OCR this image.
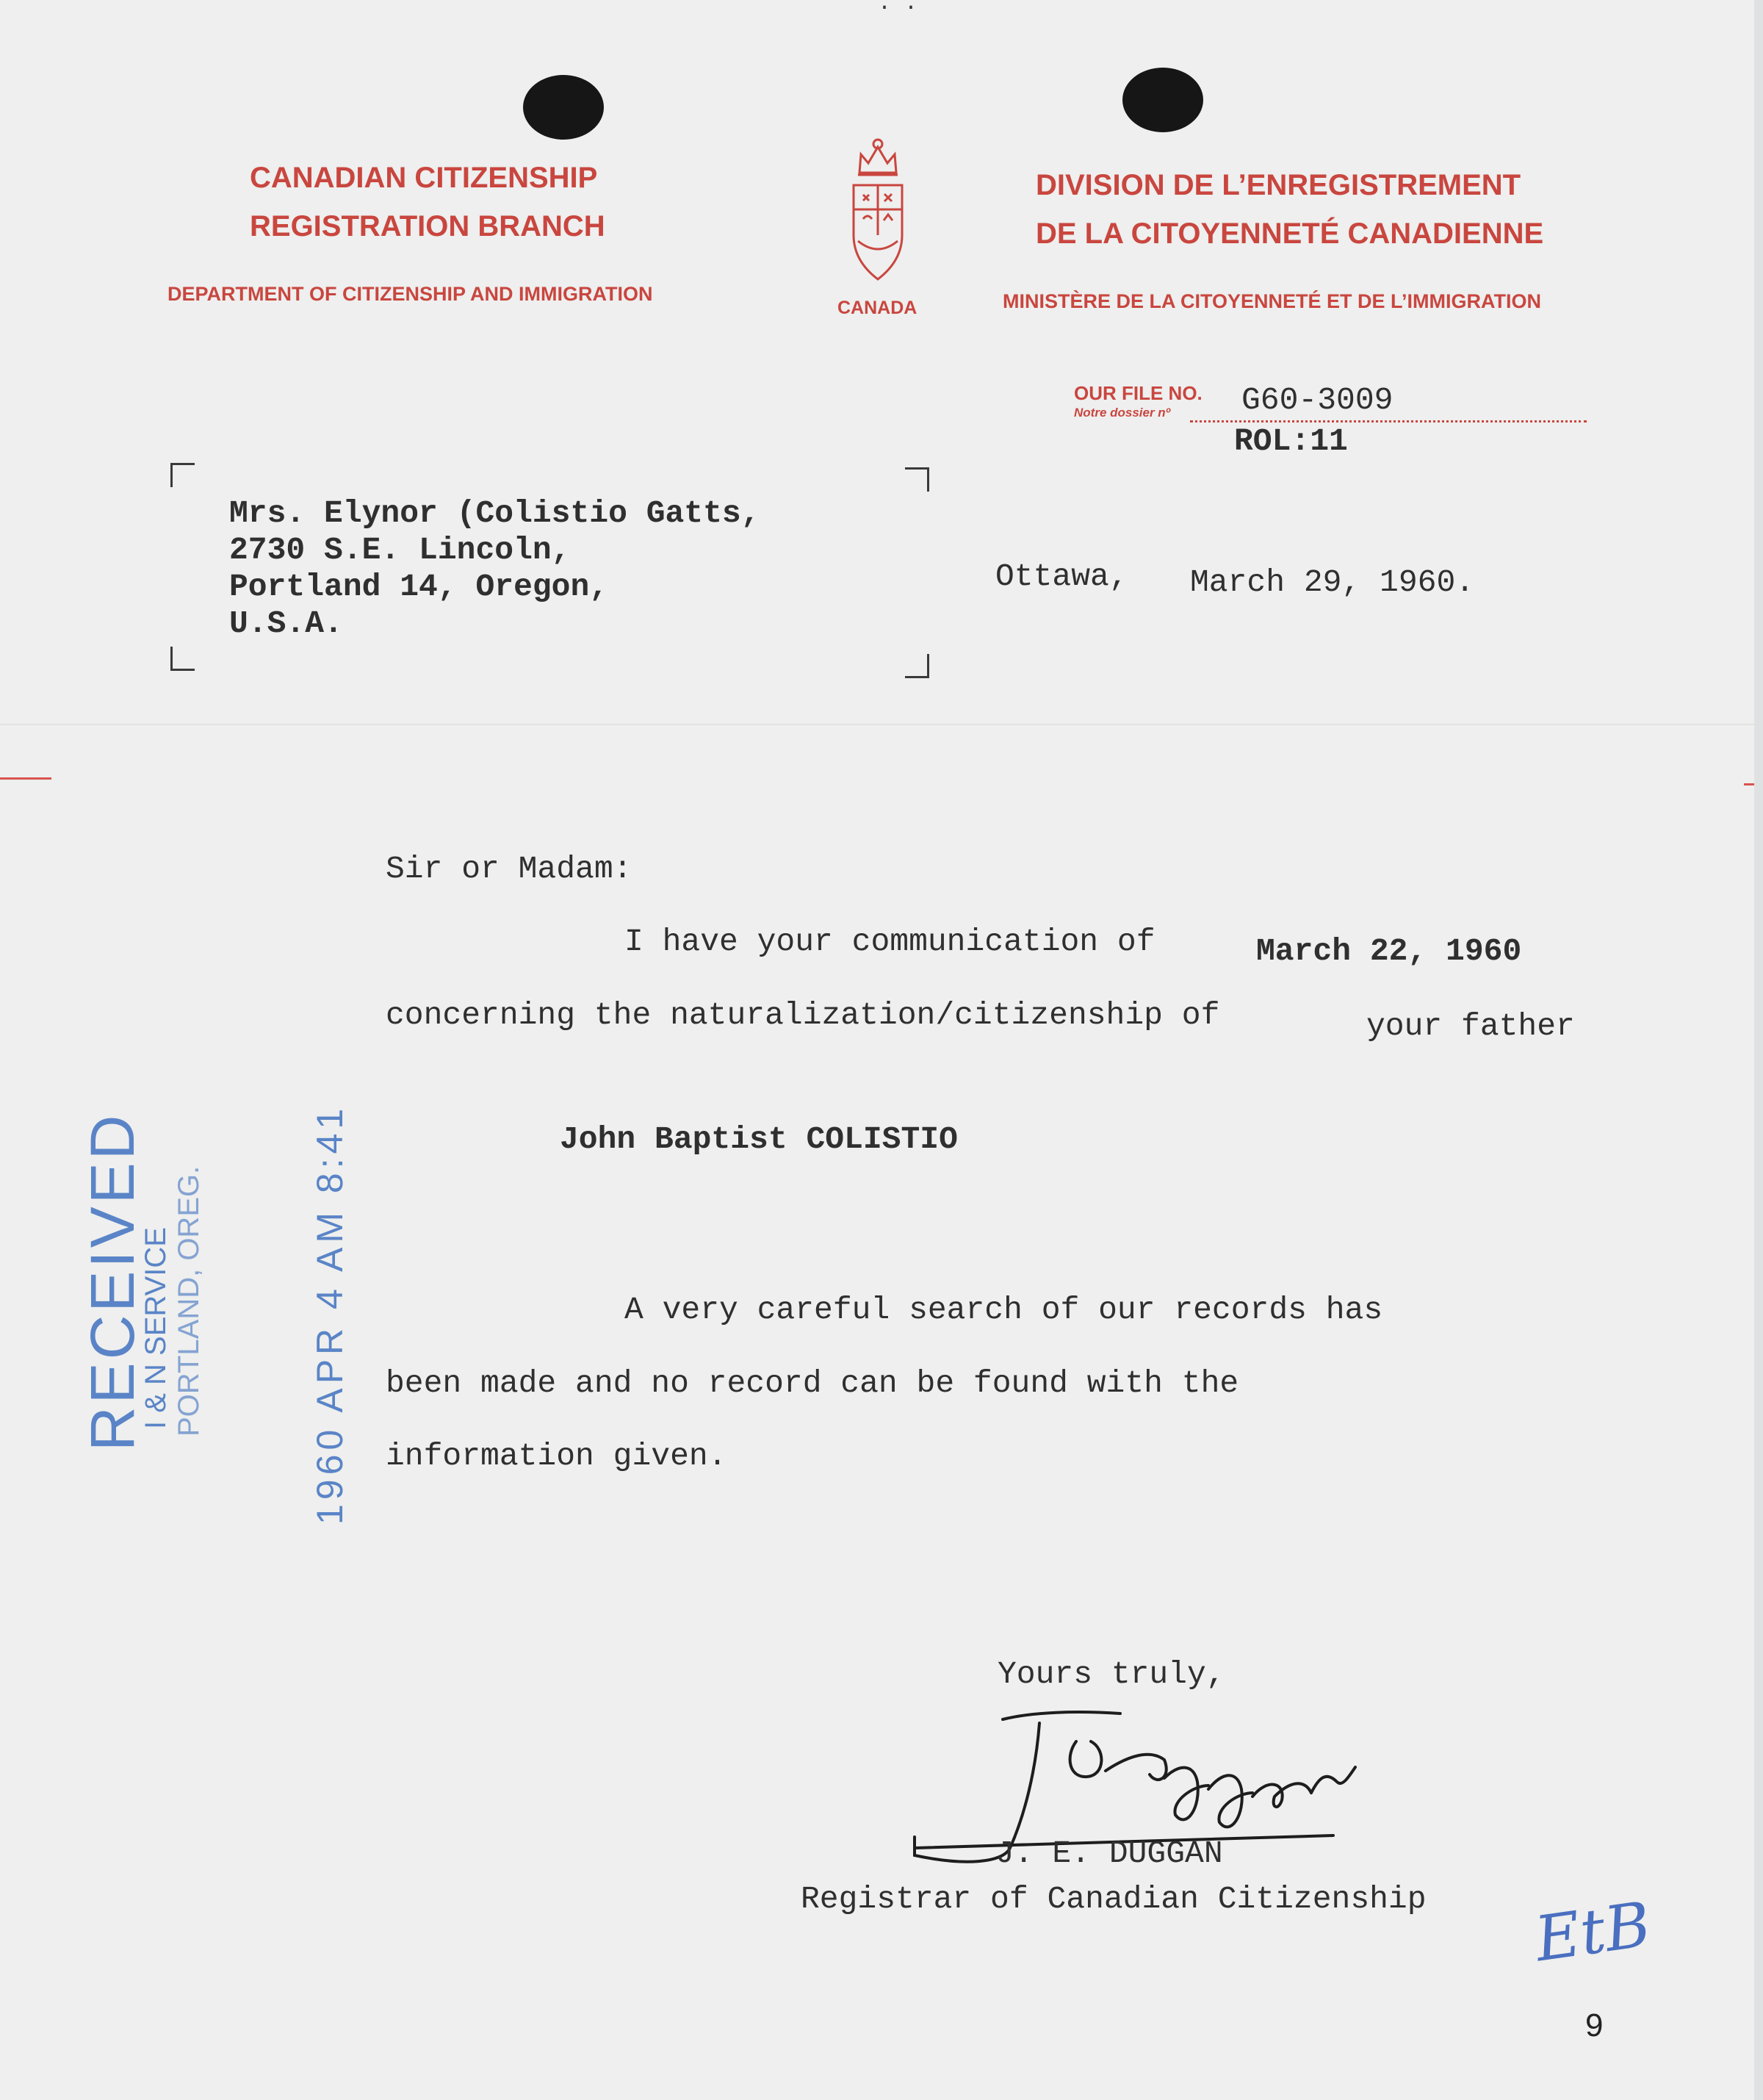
. .
CANADIAN CITIZENSHIP
REGISTRATION BRANCH
DEPARTMENT OF CITIZENSHIP AND IMMIGRATION
CANADA
DIVISION DE L’ENREGISTREMENT
DE LA CITOYENNETÉ CANADIENNE
MINISTÈRE DE LA CITOYENNETÉ ET DE L’IMMIGRATION
OUR FILE NO.
Notre dossier nº G60-3009
ROL:11
Mrs. Elynor (Colistio Gatts,
2730 S.E. Lincoln,
Portland 14, Oregon,
U.S.A.
Ottawa, March 29, 1960.
Sir or Madam:
I have your communication of	March 22, 1960
concerning the naturalization/citizenship of	your father
John Baptist COLISTIO
A very careful search of our records has
been made and no record can be found with the
information given.
RECEIVED
I & N SERVICE PORTLAND, OREG.	1960 APR 4 AM 8:41
Yours truly,
J. E. DUGGAN
Registrar of Canadian Citizenship EtB
9
